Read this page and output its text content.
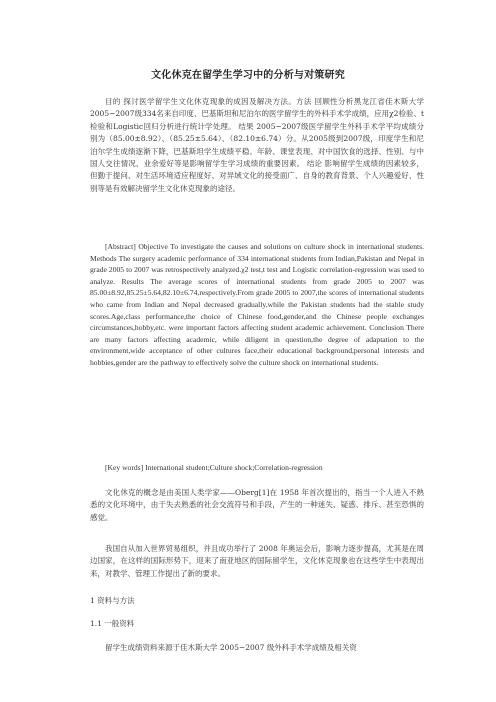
文化休克在留学生学习中的分析与对策研究

目的 探讨医学留学生文化休克现象的成因及解决方法。方法 回顾性分析黑龙江省佳木斯大学2005−2007级334名来自印度、巴基斯坦和尼泊尔的医学留学生的外科手术学成绩，应用χ2检验、t检验和Logistic回归分析进行统计学处理。 结果 2005−2007级医学留学生外科手术学平均成绩分别为（85.00±8.92）、（85.25±5.64）、（82.10±6.74）分。从2005级到2007级，印度学生和尼泊尔学生成绩逐渐下降，巴基斯坦学生成绩平稳。年龄、课堂表现、对中国饮食的选择、性别、与中国人交往情况、业余爱好等是影响留学生学习成绩的重要因素。 结论 影响留学生成绩的因素较多，但勤于提问、对生活环境适应程度好、对异域文化的接受面广、自身的教育背景、个人兴趣爱好、性别等是有效解决留学生文化休克现象的途径。

[Abstract] Objective To investigate the causes and solutions on culture shock in international students. Methods The surgery academic performance of 334 international students from Indian,Pakistan and Nepal in grade 2005 to 2007 was retrospectively analyzed.χ2 test,t test and Logistic correlation-regression was used to analyze. Results The average scores of international students from grade 2005 to 2007 was 85.00±8.92,85.25±5.64,82.10±6.74,respectively.From grade 2005 to 2007,the scores of international students who came from Indian and Nepal decreased gradually,while the Pakistan students had the stable study scores.Age,class performance,the choice of Chinese food,gender,and the Chinese people exchanges circumstances,hobby,etc. were important factors affecting student academic achievement. Conclusion There are many factors affecting academic, while diligent in question,the degree of adaptation to the environment,wide acceptance of other cultures face,their educational background,personal interests and hobbies,gender are the pathway to effectively solve the culture shock on international students.

[Key words] International student;Culture shock;Correlation-regression

文化休克的概念是由美国人类学家——Oberg[1]在 1958 年首次提出的，指当一个人进入不熟悉的文化环境中，由于失去熟悉的社会交流符号和手段，产生的一种迷失、疑惑、排斥、甚至恐惧的感觉。

我国自从加入世界贸易组织，并且成功举行了 2008 年奥运会后，影响力逐步提高，尤其是在周边国家，在这样的国际形势下，迎来了南亚地区的国际留学生，文化休克现象也在这些学生中表现出来，对教学、管理工作提出了新的要求。

1 资料与方法

1.1 一般资料

留学生成绩资料来源于佳木斯大学 2005−2007 级外科手术学成绩及相关资
